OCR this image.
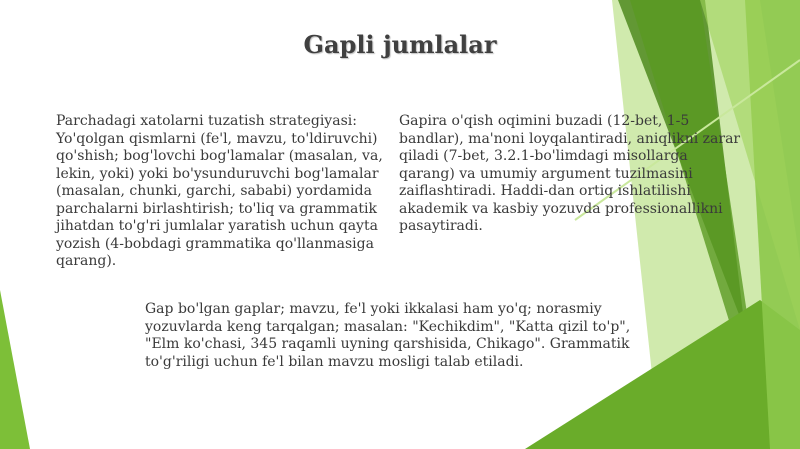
Gapli jumlalar
Parchadagi xatolarni tuzatish strategiyasi: Yo'qolgan qismlarni (fe'l, mavzu, to'ldiruvchi) qo'shish; bog'lovchi bog'lamalar (masalan, va, lekin, yoki) yoki bo'ysunduruvchi bog'lamalar (masalan, chunki, garchi, sababi) yordamida parchalarni birlashtirish; to'liq va grammatik jihatdan to'g'ri jumlalar yaratish uchun qayta yozish (4-bobdagi grammatika qo'llanmasiga qarang).
Gapira o'qish oqimini buzadi (12-bet, 1-5 bandlar), ma'noni loyqalantiradi, aniqlikni zarar qiladi (7-bet, 3.2.1-bo'limdagi misollarga qarang) va umumiy argument tuzilmasini zaiflashtiradi. Haddi-dan ortiq ishlatilishi akademik va kasbiy yozuvda professionallikni pasaytiradi.
Gap bo'lgan gaplar; mavzu, fe'l yoki ikkalasi ham yo'q; norasmiy yozuvlarda keng tarqalgan; masalan: "Kechikdim", "Katta qizil to'p", "Elm ko'chasi, 345 raqamli uyning qarshisida, Chikago". Grammatik to'g'riligi uchun fe'l bilan mavzu mosligi talab etiladi.
